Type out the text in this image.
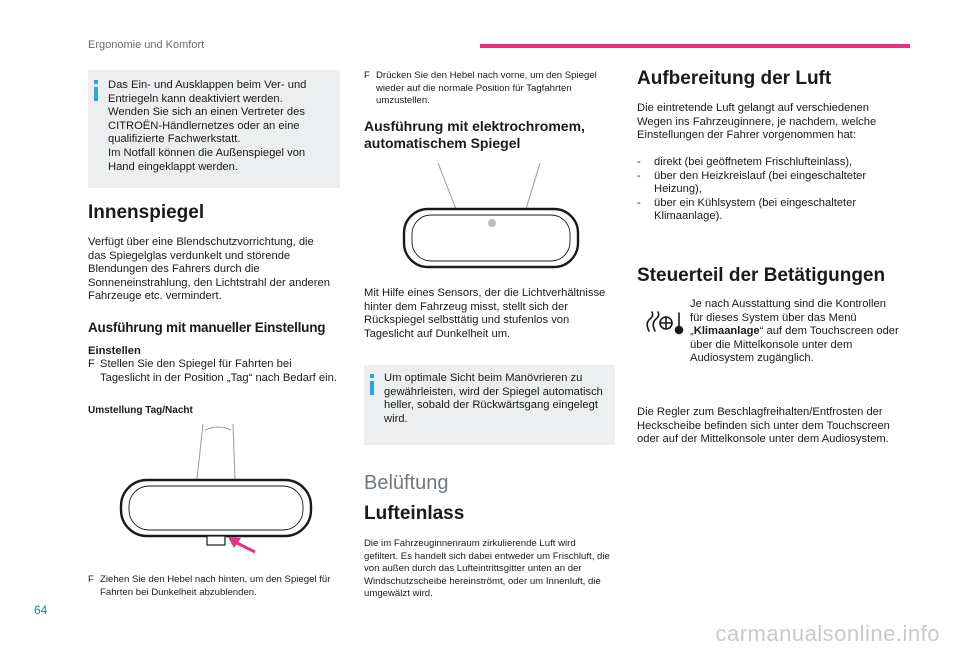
Ergonomie und Komfort
Das Ein- und Ausklappen beim Ver- und Entriegeln kann deaktiviert werden.
Wenden Sie sich an einen Vertreter des CITROËN-Händlernetzes oder an eine qualifizierte Fachwerkstatt.
Im Notfall können die Außenspiegel von Hand eingeklappt werden.
Innenspiegel
Verfügt über eine Blendschutzvorrichtung, die das Spiegelglas verdunkelt und störende Blendungen des Fahrers durch die Sonneneinstrahlung, den Lichtstrahl der anderen Fahrzeuge etc. vermindert.
Ausführung mit manueller Einstellung
Einstellen
F Stellen Sie den Spiegel für Fahrten bei Tageslicht in der Position „Tag“ nach Bedarf ein.
Umstellung Tag/Nacht
F Ziehen Sie den Hebel nach hinten, um den Spiegel für Fahrten bei Dunkelheit abzublenden.
F Drücken Sie den Hebel nach vorne, um den Spiegel wieder auf die normale Position für Tagfahrten umzustellen.
Ausführung mit elektrochromem, automatischem Spiegel
Mit Hilfe eines Sensors, der die Lichtverhältnisse hinter dem Fahrzeug misst, stellt sich der Rückspiegel selbsttätig und stufenlos von Tageslicht auf Dunkelheit um.
Um optimale Sicht beim Manövrieren zu gewährleisten, wird der Spiegel automatisch heller, sobald der Rückwärtsgang eingelegt wird.
Belüftung
Lufteinlass
Die im Fahrzeuginnenraum zirkulierende Luft wird gefiltert. Es handelt sich dabei entweder um Frischluft, die von außen durch das Lufteintrittsgitter unten an der Windschutzscheibe hereinströmt, oder um Innenluft, die umgewälzt wird.
Aufbereitung der Luft
Die eintretende Luft gelangt auf verschiedenen Wegen ins Fahrzeuginnere, je nachdem, welche Einstellungen der Fahrer vorgenommen hat:
- direkt (bei geöffnetem Frischlufteinlass),
- über den Heizkreislauf (bei eingeschalteter Heizung),
- über ein Kühlsystem (bei eingeschalteter Klimaanlage).
Steuerteil der Betätigungen
Je nach Ausstattung sind die Kontrollen für dieses System über das Menü „Klimaanlage“ auf dem Touchscreen oder über die Mittelkonsole unter dem Audiosystem zugänglich.
Die Regler zum Beschlagfreihalten/Entfrosten der Heckscheibe befinden sich unter dem Touchscreen oder auf der Mittelkonsole unter dem Audiosystem.
64
carmanualsonline.info
